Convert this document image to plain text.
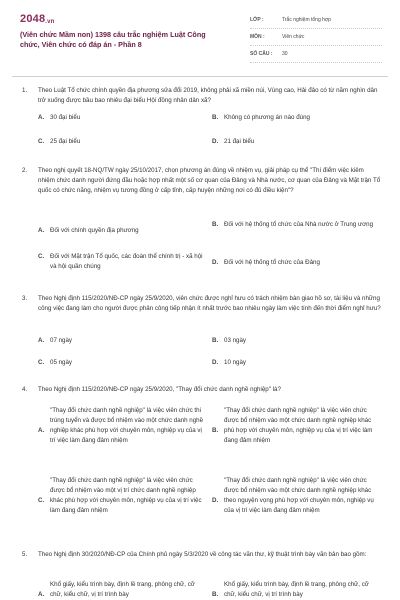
2048.vn
(Viên chức Mầm non) 1398 câu trắc nghiệm Luật Công chức, Viên chức có đáp án - Phần 8
LỚP :	Trắc nghiệm tổng hợp
MÔN :	Viên chức
SỐ CÂU :	30
1.	Theo Luật Tổ chức chính quyền địa phương sửa đổi 2019, không phải xã miền núi, Vùng cao, Hải đảo có từ năm nghìn dân trở xuống được bầu bao nhiêu đại biểu Hội đồng nhân dân xã?
A. 30 đại biểu	B. Không có phương án nào đúng
C. 25 đại biểu	D. 21 đại biểu
2.	Theo nghị quyết 18-NQ/TW ngày 25/10/2017, chọn phương án đúng về nhiệm vụ, giải pháp cụ thể "Thí điểm việc kiêm nhiệm chức danh người đứng đầu hoặc hợp nhất một số cơ quan của Đảng và Nhà nước, cơ quan của Đảng và Mặt trận Tổ quốc có chức năng, nhiệm vụ tương đồng ở cấp tỉnh, cấp huyện những nơi có đủ điều kiện"?
A. Đối với chính quyền địa phương
B. Đối với hệ thống tổ chức của Nhà nước ở Trung ương
C. Đối với Mặt trận Tổ quốc, các đoàn thể chính trị - xã hội và hội quần chúng
D. Đối với hệ thống tổ chức của Đảng
3.	Theo Nghị định 115/2020/NĐ-CP ngày 25/9/2020, viên chức được nghỉ hưu có trách nhiệm bàn giao hồ sơ, tài liệu và những công việc đang làm cho người được phân công tiếp nhận ít nhất trước bao nhiêu ngày làm việc tính đến thời điểm nghỉ hưu?
A. 07 ngày	B. 03 ngày
C. 05 ngày	D. 10 ngày
4.	Theo Nghị định 115/2020/NĐ-CP ngày 25/9/2020, "Thay đổi chức danh nghề nghiệp" là?
A.
"Thay đổi chức danh nghề nghiệp" là việc viên chức thi trúng tuyển và được bổ nhiệm vào một chức danh nghề nghiệp khác phù hợp với chuyên môn, nghiệp vụ của vị trí việc làm đang đảm nhiệm
B.
"Thay đổi chức danh nghề nghiệp" là việc viên chức được bổ nhiệm vào một chức danh nghề nghiệp khác phù hợp với chuyên môn, nghiệp vụ của vị trí việc làm đang đảm nhiệm
C.
"Thay đổi chức danh nghề nghiệp" là việc viên chức được bổ nhiệm vào một vị trí chức danh nghề nghiệp khác phù hợp với chuyên môn, nghiệp vụ của vị trí việc làm đang đảm nhiệm
D.
"Thay đổi chức danh nghề nghiệp" là việc viên chức được bổ nhiệm vào một chức danh nghề nghiệp khác theo nguyện vọng phù hợp với chuyên môn, nghiệp vụ của vị trí việc làm đang đảm nhiệm
5.	Theo Nghị định 30/2020/NĐ-CP của Chính phủ ngày 5/3/2020 về công tác văn thư, kỹ thuật trình bày văn bản bao gồm:
A.
Khổ giấy, kiểu trình bày, định lề trang, phông chữ, cỡ chữ, kiểu chữ, vị trí trình bày	B.
Khổ giấy, kiểu trình bày, định lề trang, phông chữ, cỡ chữ, kiểu chữ, vị trí trình bày
